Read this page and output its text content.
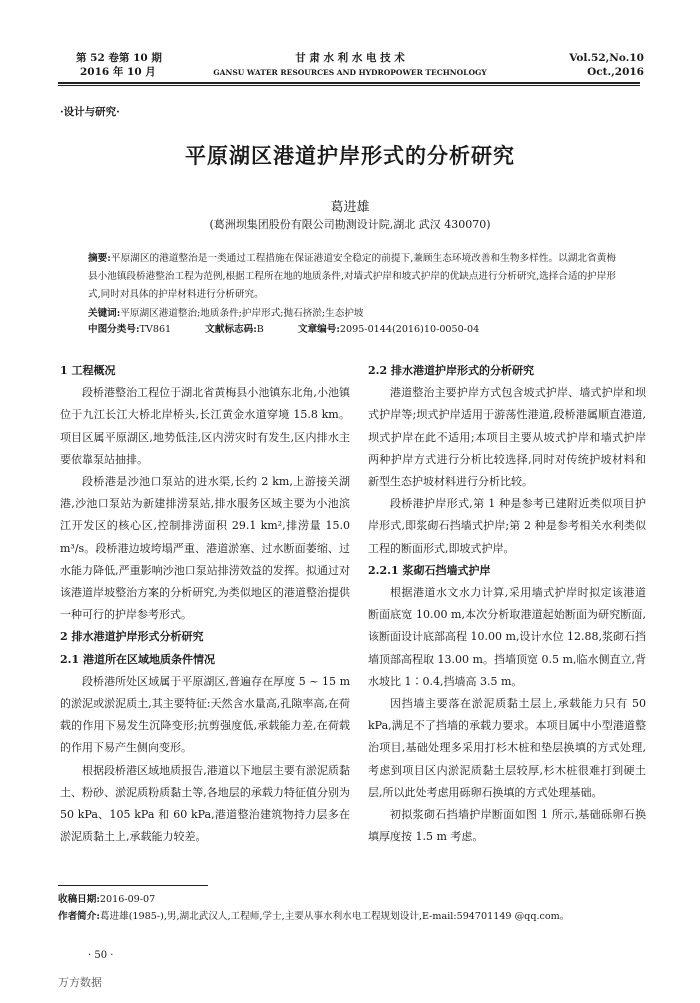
第 52 卷第 10 期
2016 年 10 月
甘 肃 水 利 水 电 技 术
GANSU WATER RESOURCES AND HYDROPOWER TECHNOLOGY
Vol.52,No.10
Oct.,2016
·设计与研究·
平原湖区港道护岸形式的分析研究
葛进雄
(葛洲坝集团股份有限公司勘测设计院,湖北 武汉 430070)
摘要:平原湖区的港道整治是一类通过工程措施在保证港道安全稳定的前提下,兼顾生态环境改善和生物多样性。以湖北省黄梅县小池镇段桥港整治工程为范例,根据工程所在地的地质条件,对墙式护岸和坡式护岸的优缺点进行分析研究,选择合适的护岸形式,同时对具体的护岸材料进行分析研究。
关键词:平原湖区港道整治;地质条件;护岸形式;抛石挤淤;生态护坡
中图分类号:TV861	文献标志码:B	文章编号:2095-0144(2016)10-0050-04
1 工程概况

段桥港整治工程位于湖北省黄梅县小池镇东北角,小池镇位于九江长江大桥北岸桥头,长江黄金水道穿境 15.8 km。项目区属平原湖区,地势低洼,区内涝灾时有发生,区内排水主要依靠泵站抽排。

段桥港是沙池口泵站的进水渠,长约 2 km,上游接关湖港,沙池口泵站为新建排涝泵站,排水服务区域主要为小池滨江开发区的核心区,控制排涝面积 29.1 km²,排涝量 15.0 m³/s。段桥港边坡垮塌严重、港道淤塞、过水断面萎缩、过水能力降低,严重影响沙池口泵站排涝效益的发挥。拟通过对该港道岸坡整治方案的分析研究,为类似地区的港道整治提供一种可行的护岸参考形式。

2 排水港道护岸形式分析研究
2.1 港道所在区域地质条件情况

段桥港所处区域属于平原湖区,普遍存在厚度 5 ~ 15 m 的淤泥或淤泥质土,其主要特征:天然含水量高,孔隙率高,在荷载的作用下易发生沉降变形;抗剪强度低,承载能力差,在荷载的作用下易产生侧向变形。

根据段桥港区域地质报告,港道以下地层主要有淤泥质黏土、粉砂、淤泥质粉质黏土等,各地层的承载力特征值分别为 50 kPa、105 kPa 和 60 kPa,港道整治建筑物持力层多在淤泥质黏土上,承载能力较差。

2.2 排水港道护岸形式的分析研究

港道整治主要护岸方式包含坡式护岸、墙式护岸和坝式护岸等;坝式护岸适用于游荡性港道,段桥港属顺直港道,坝式护岸在此不适用;本项目主要从坡式护岸和墙式护岸两种护岸方式进行分析比较选择,同时对传统护坡材料和新型生态护坡材料进行分析比较。

段桥港护岸形式,第 1 种是参考已建附近类似项目护岸形式,即浆砌石挡墙式护岸;第 2 种是参考相关水利类似工程的断面形式,即坡式护岸。

2.2.1 浆砌石挡墙式护岸

根据港道水文水力计算,采用墙式护岸时拟定该港道断面底宽 10.00 m,本次分析取港道起始断面为研究断面,该断面设计底部高程 10.00 m,设计水位 12.88,浆砌石挡墙顶部高程取 13.00 m。挡墙顶宽 0.5 m,临水侧直立,背水坡比 1∶0.4,挡墙高 3.5 m。

因挡墙主要落在淤泥质黏土层上,承载能力只有 50 kPa,满足不了挡墙的承载力要求。本项目属中小型港道整治项目,基础处理多采用打杉木桩和垫层换填的方式处理,考虑到项目区内淤泥质黏土层较厚,杉木桩很难打到硬土层,所以此处考虑用砾卵石换填的方式处理基础。

初拟浆砌石挡墙护岸断面如图 1 所示,基础砾卵石换填厚度按 1.5 m 考虑。

收稿日期:2016-09-07
作者简介:葛进雄(1985-),男,湖北武汉人,工程师,学士,主要从事水利水电工程规划设计,E-mail:594701149 @qq.com。
· 50 ·
万方数据
